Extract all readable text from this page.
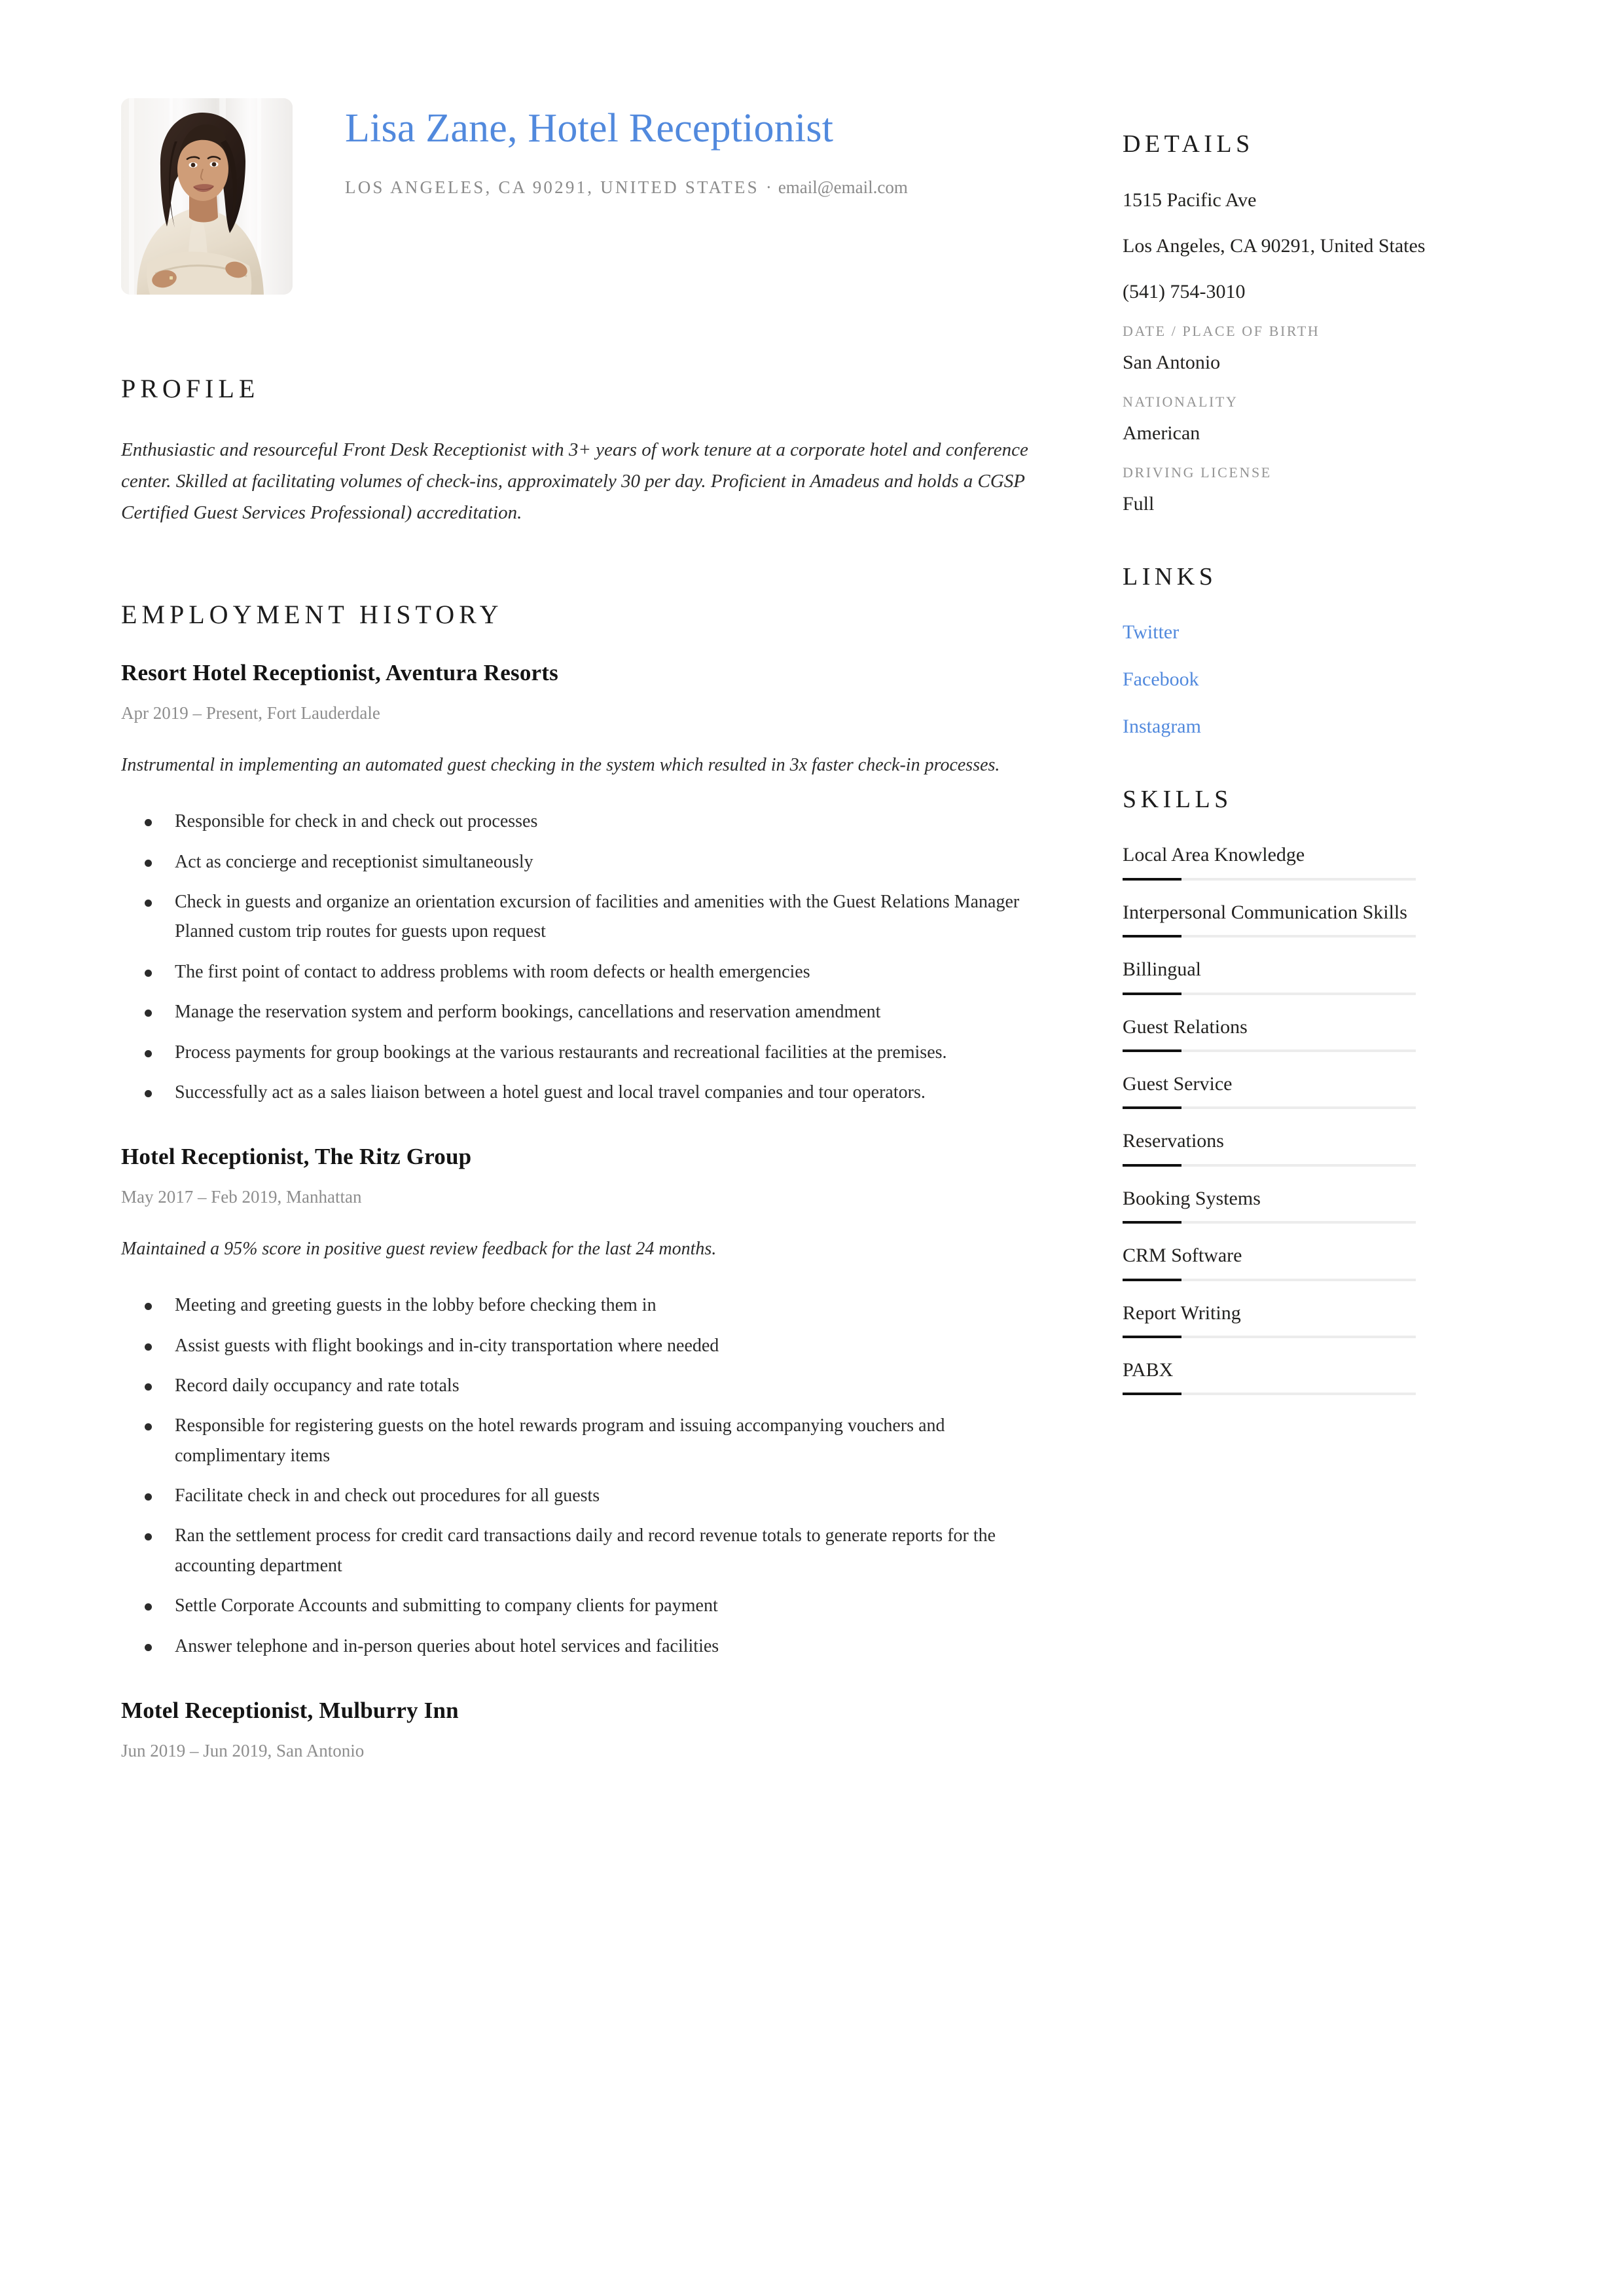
Lisa Zane, Hotel Receptionist
LOS ANGELES, CA 90291, UNITED STATES · email@email.com
PROFILE
Enthusiastic and resourceful Front Desk Receptionist with 3+ years of work tenure at a corporate hotel and conference center. Skilled at facilitating volumes of check-ins, approximately 30 per day. Proficient in Amadeus and holds a CGSP Certified Guest Services Professional) accreditation.
EMPLOYMENT HISTORY
Resort Hotel Receptionist, Aventura Resorts
Apr 2019 – Present, Fort Lauderdale
Instrumental in implementing an automated guest checking in the system which resulted in 3x faster check-in processes.
Responsible for check in and check out processes
Act as concierge and receptionist simultaneously
Check in guests and organize an orientation excursion of facilities and amenities with the Guest Relations Manager Planned custom trip routes for guests upon request
The first point of contact to address problems with room defects or health emergencies
Manage the reservation system and perform bookings, cancellations and reservation amendment
Process payments for group bookings at the various restaurants and recreational facilities at the premises.
Successfully act as a sales liaison between a hotel guest and local travel companies and tour operators.
Hotel Receptionist, The Ritz Group
May 2017 – Feb 2019, Manhattan
Maintained a 95% score in positive guest review feedback for the last 24 months.
Meeting and greeting guests in the lobby before checking them in
Assist guests with flight bookings and in-city transportation where needed
Record daily occupancy and rate totals
Responsible for registering guests on the hotel rewards program and issuing accompanying vouchers and complimentary items
Facilitate check in and check out procedures for all guests
Ran the settlement process for credit card transactions daily and record revenue totals to generate reports for the accounting department
Settle Corporate Accounts and submitting to company clients for payment
Answer telephone and in-person queries about hotel services and facilities
Motel Receptionist, Mulburry Inn
Jun 2019 – Jun 2019, San Antonio
DETAILS
1515 Pacific Ave
Los Angeles, CA 90291, United States
(541) 754-3010
DATE / PLACE OF BIRTH
San Antonio
NATIONALITY
American
DRIVING LICENSE
Full
LINKS
Twitter
Facebook
Instagram
SKILLS
Local Area Knowledge
Interpersonal Communication Skills
Billingual
Guest Relations
Guest Service
Reservations
Booking Systems
CRM Software
Report Writing
PABX
